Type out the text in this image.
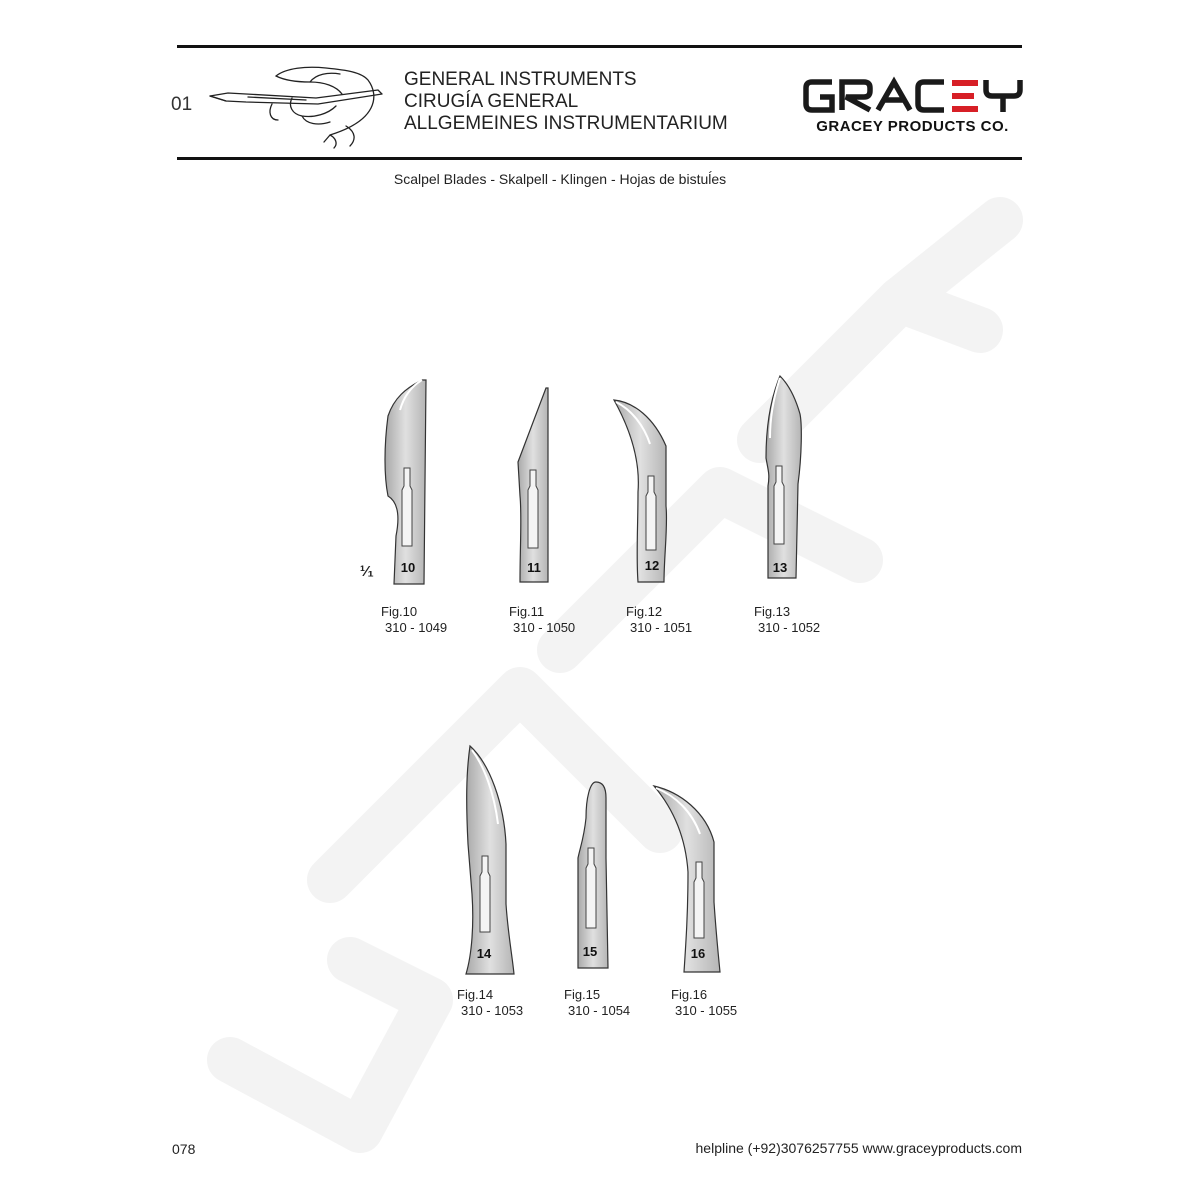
01
GENERAL INSTRUMENTS
CIRUGÍA GENERAL
ALLGEMEINES INSTRUMENTARIUM	GRACEY PRODUCTS CO.
Scalpel Blades - Skalpell - Klingen - Hojas de bistuĺes
10	11	12	13
14	15	16
¹⁄₁
Fig.10
310 - 1049
Fig.11
310 - 1050
Fig.12
310 - 1051
Fig.13
310 - 1052
Fig.14
310 - 1053
Fig.15
310 - 1054
Fig.16
310 - 1055
078	helpline (+92)3076257755 www.graceyproducts.com
